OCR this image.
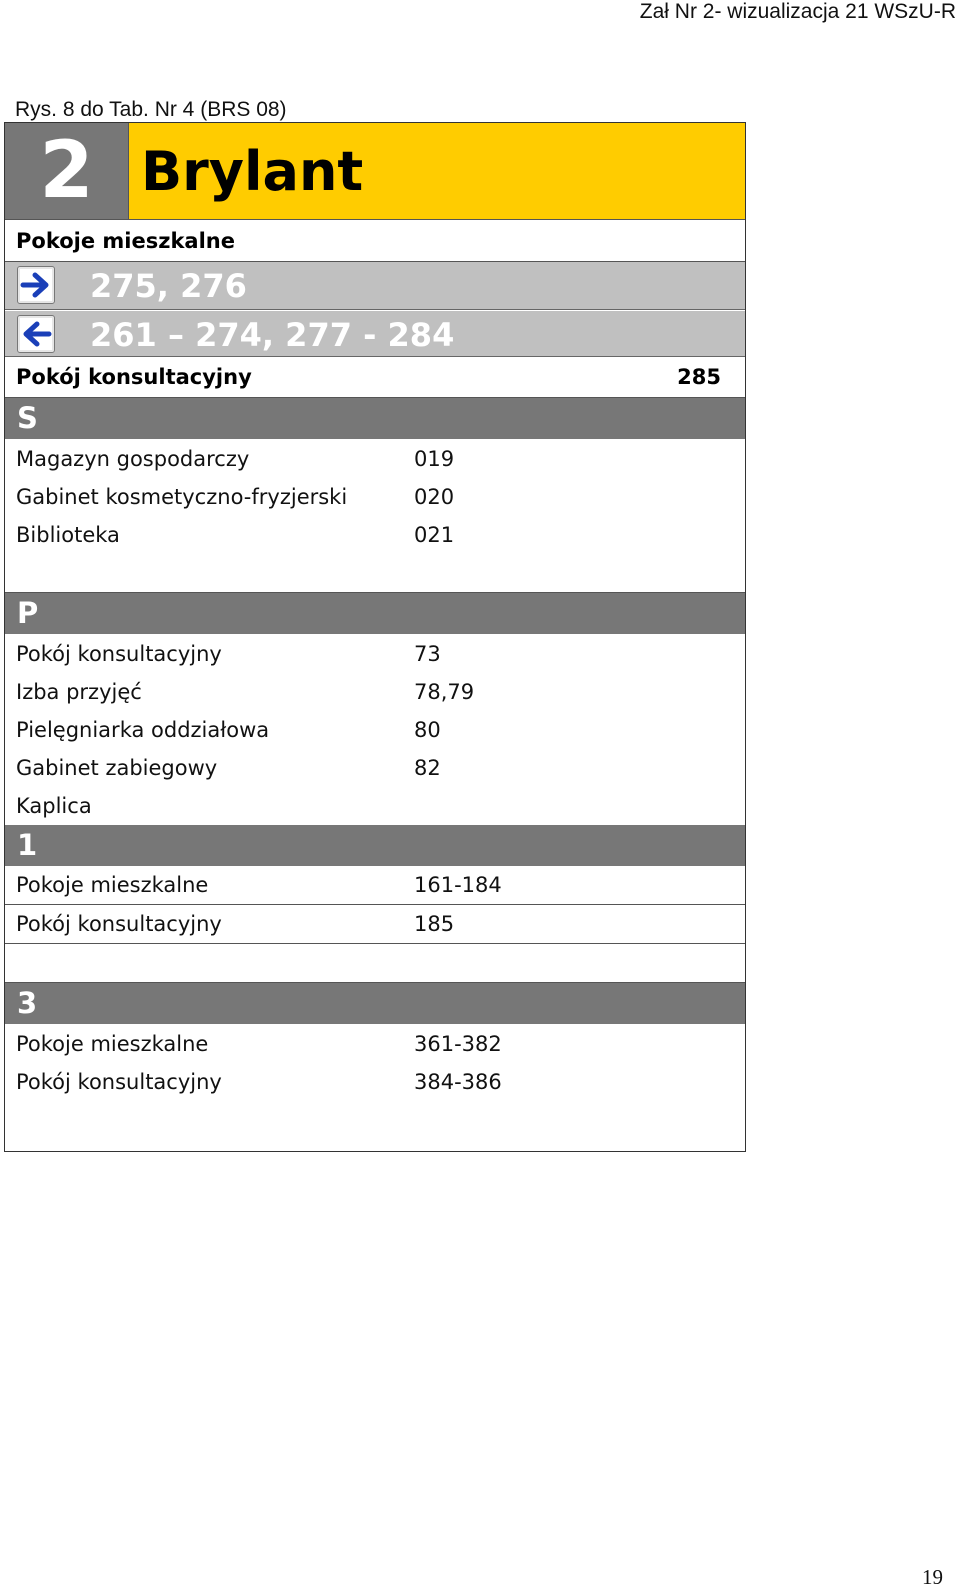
Zał Nr 2- wizualizacja 21 WSzU-R
Rys. 8 do Tab. Nr 4 (BRS 08)
2 Brylant
Pokoje mieszkalne
275, 276
261 – 274, 277 - 284
Pokój konsultacyjny	285
S
Magazyn gospodarczy	019
Gabinet kosmetyczno-fryzjerski	020
Biblioteka	021
P
Pokój konsultacyjny	73
Izba przyjęć	78,79
Pielęgniarka oddziałowa	80
Gabinet zabiegowy	82
Kaplica
1
Pokoje mieszkalne	161-184
Pokój konsultacyjny	185
3
Pokoje mieszkalne	361-382
Pokój konsultacyjny	384-386
19
